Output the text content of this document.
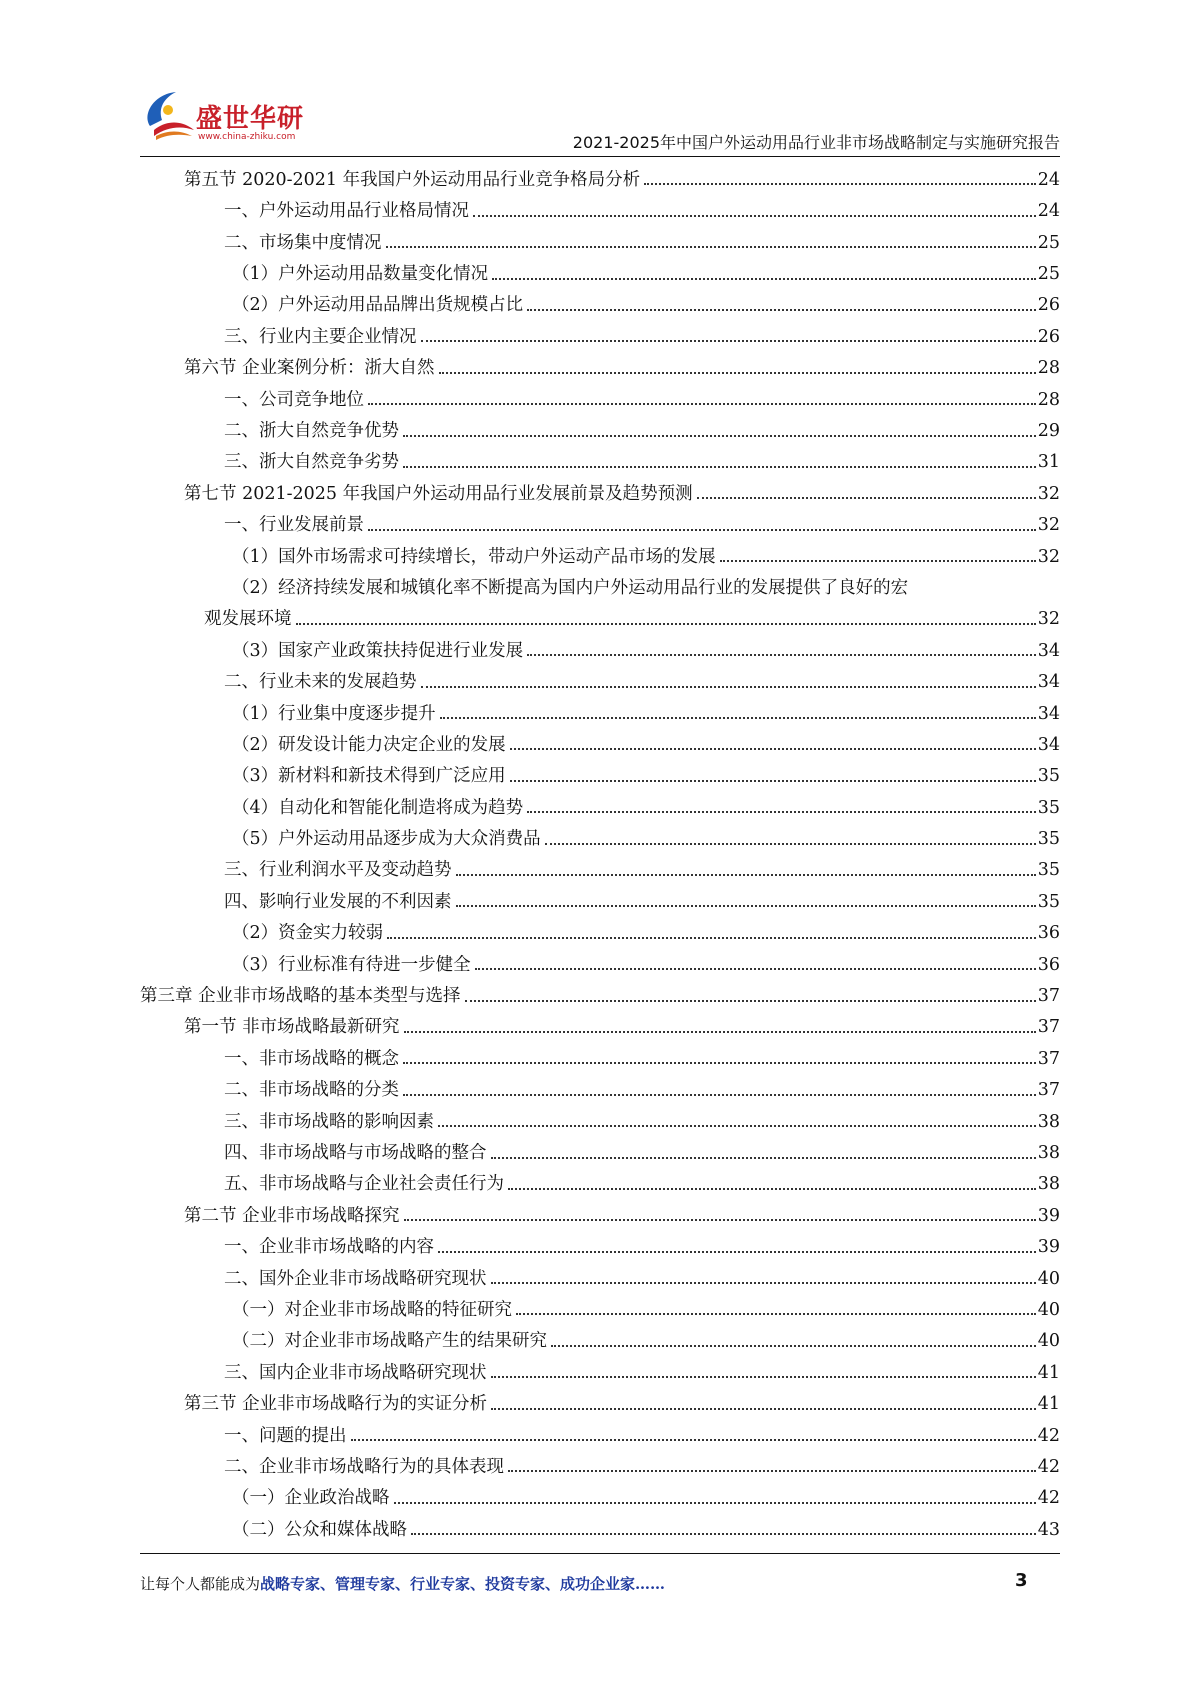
盛世华研
www.china-zhiku.com	2021-2025年中国户外运动用品行业非市场战略制定与实施研究报告
第五节 2020-2021 年我国户外运动用品行业竞争格局分析	24
一、户外运动用品行业格局情况	24
二、市场集中度情况	25
（1）户外运动用品数量变化情况	25
（2）户外运动用品品牌出货规模占比	26
三、行业内主要企业情况	26
第六节 企业案例分析：浙大自然	28
一、公司竞争地位	28
二、浙大自然竞争优势	29
三、浙大自然竞争劣势	31
第七节 2021-2025 年我国户外运动用品行业发展前景及趋势预测	32
一、行业发展前景	32
（1）国外市场需求可持续增长，带动户外运动产品市场的发展	32
（2）经济持续发展和城镇化率不断提高为国内户外运动用品行业的发展提供了良好的宏
观发展环境	32
（3）国家产业政策扶持促进行业发展	34
二、行业未来的发展趋势	34
（1）行业集中度逐步提升	34
（2）研发设计能力决定企业的发展	34
（3）新材料和新技术得到广泛应用	35
（4）自动化和智能化制造将成为趋势	35
（5）户外运动用品逐步成为大众消费品	35
三、行业利润水平及变动趋势	35
四、影响行业发展的不利因素	35
（2）资金实力较弱	36
（3）行业标准有待进一步健全	36
第三章 企业非市场战略的基本类型与选择	37
第一节 非市场战略最新研究	37
一、非市场战略的概念	37
二、非市场战略的分类	37
三、非市场战略的影响因素	38
四、非市场战略与市场战略的整合	38
五、非市场战略与企业社会责任行为	38
第二节 企业非市场战略探究	39
一、企业非市场战略的内容	39
二、国外企业非市场战略研究现状	40
（一）对企业非市场战略的特征研究	40
（二）对企业非市场战略产生的结果研究	40
三、国内企业非市场战略研究现状	41
第三节 企业非市场战略行为的实证分析	41
一、问题的提出	42
二、企业非市场战略行为的具体表现	42
（一）企业政治战略	42
（二）公众和媒体战略	43
让每个人都能成为战略专家、管理专家、行业专家、投资专家、成功企业家……	3
